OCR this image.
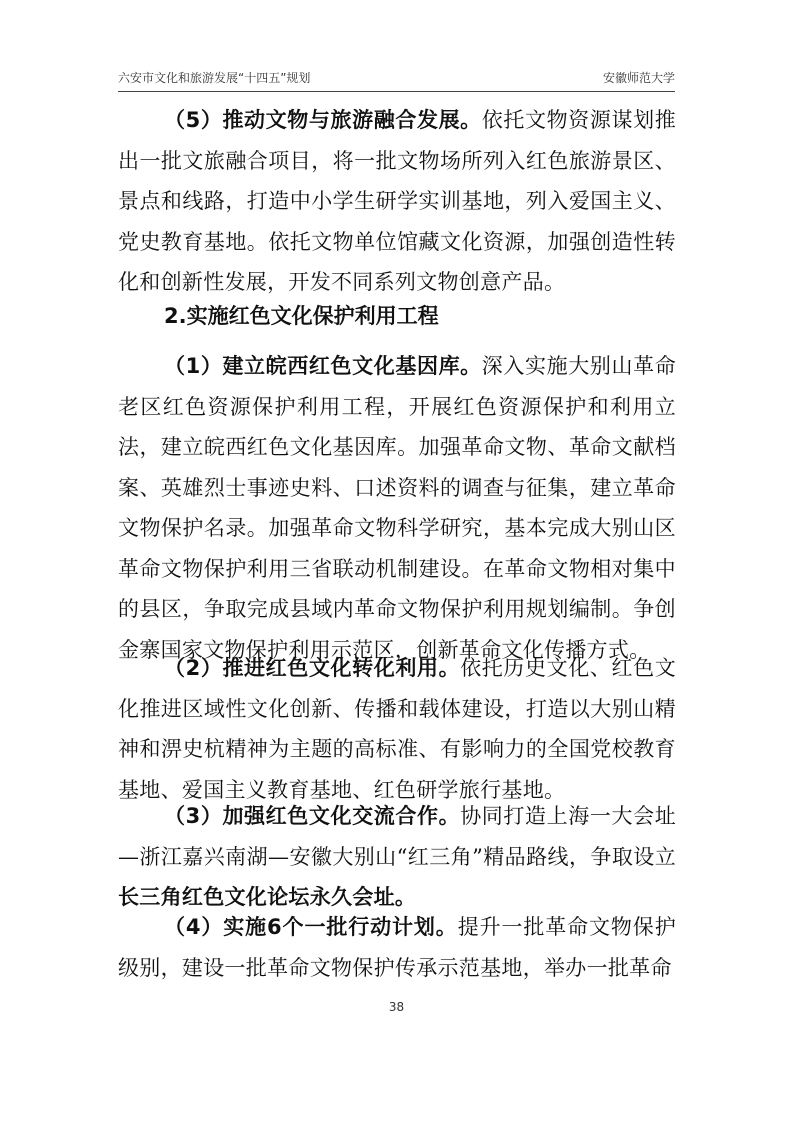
六安市文化和旅游发展“十四五”规划	安徽师范大学

（5）推动文物与旅游融合发展。依托文物资源谋划推出一批文旅融合项目，将一批文物场所列入红色旅游景区、景点和线路，打造中小学生研学实训基地，列入爱国主义、党史教育基地。依托文物单位馆藏文化资源，加强创造性转化和创新性发展，开发不同系列文物创意产品。

2.实施红色文化保护利用工程

（1）建立皖西红色文化基因库。深入实施大别山革命老区红色资源保护利用工程，开展红色资源保护和利用立法，建立皖西红色文化基因库。加强革命文物、革命文献档案、英雄烈士事迹史料、口述资料的调查与征集，建立革命文物保护名录。加强革命文物科学研究，基本完成大别山区革命文物保护利用三省联动机制建设。在革命文物相对集中的县区，争取完成县域内革命文物保护利用规划编制。争创金寨国家文物保护利用示范区，创新革命文化传播方式。

（2）推进红色文化转化利用。依托历史文化、红色文化推进区域性文化创新、传播和载体建设，打造以大别山精神和淠史杭精神为主题的高标准、有影响力的全国党校教育基地、爱国主义教育基地、红色研学旅行基地。

（3）加强红色文化交流合作。协同打造上海一大会址—浙江嘉兴南湖—安徽大别山“红三角”精品路线，争取设立长三角红色文化论坛永久会址。

（4）实施6个一批行动计划。提升一批革命文物保护级别，建设一批革命文物保护传承示范基地，举办一批革命

38
